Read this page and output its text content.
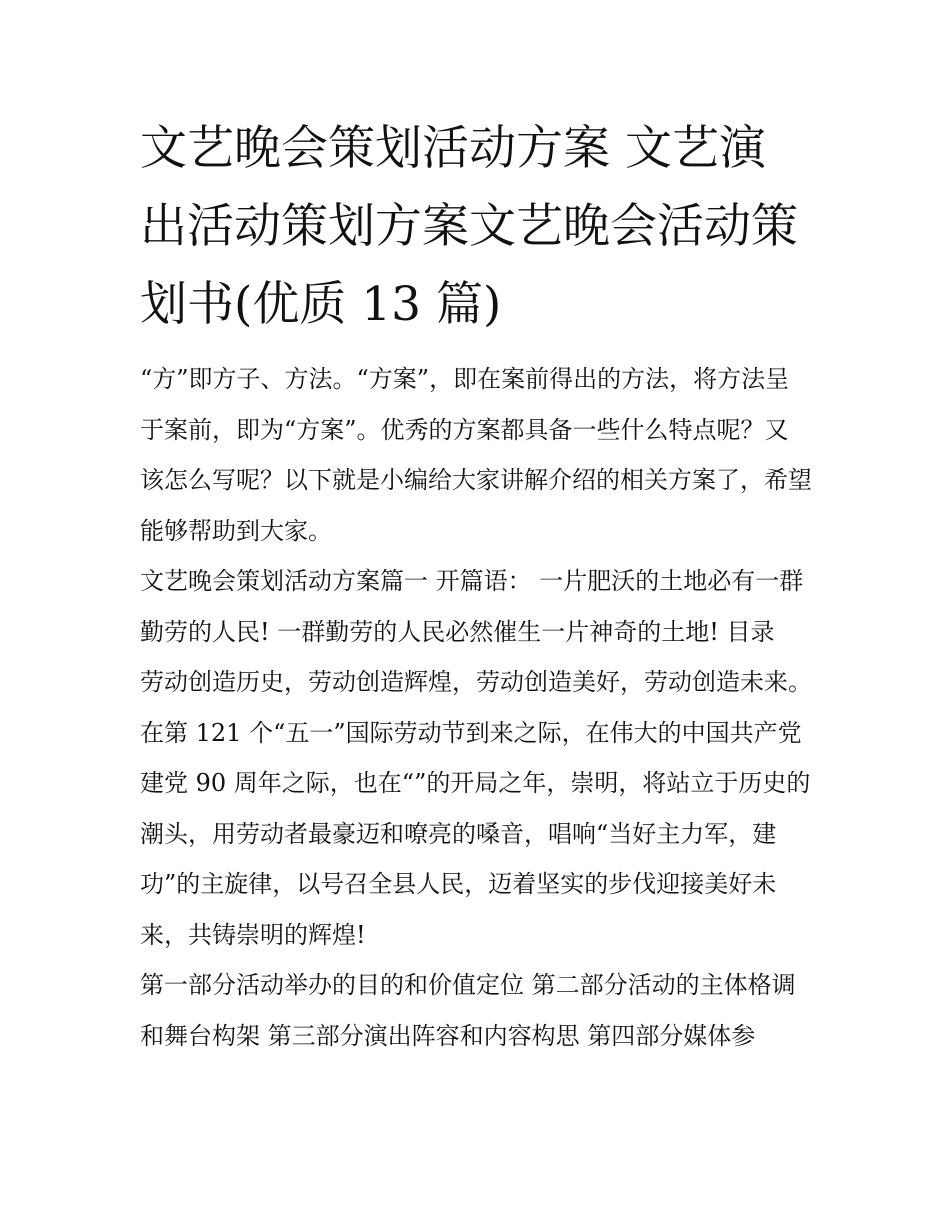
文艺晚会策划活动方案 文艺演出活动策划方案文艺晚会活动策划书(优质 13 篇)

“方”即方子、方法。“方案”，即在案前得出的方法，将方法呈于案前，即为“方案”。优秀的方案都具备一些什么特点呢？又该怎么写呢？以下就是小编给大家讲解介绍的相关方案了，希望能够帮助到大家。

文艺晚会策划活动方案篇一 开篇语： 一片肥沃的土地必有一群勤劳的人民! 一群勤劳的人民必然催生一片神奇的土地! 目录

劳动创造历史，劳动创造辉煌，劳动创造美好，劳动创造未来。在第 121 个“五一”国际劳动节到来之际，在伟大的中国共产党建党 90 周年之际，也在“”的开局之年，崇明，将站立于历史的潮头，用劳动者最豪迈和嘹亮的嗓音，唱响“当好主力军，建功”的主旋律，以号召全县人民，迈着坚实的步伐迎接美好未来，共铸崇明的辉煌!

第一部分活动举办的目的和价值定位 第二部分活动的主体格调和舞台构架 第三部分演出阵容和内容构思 第四部分媒体参
